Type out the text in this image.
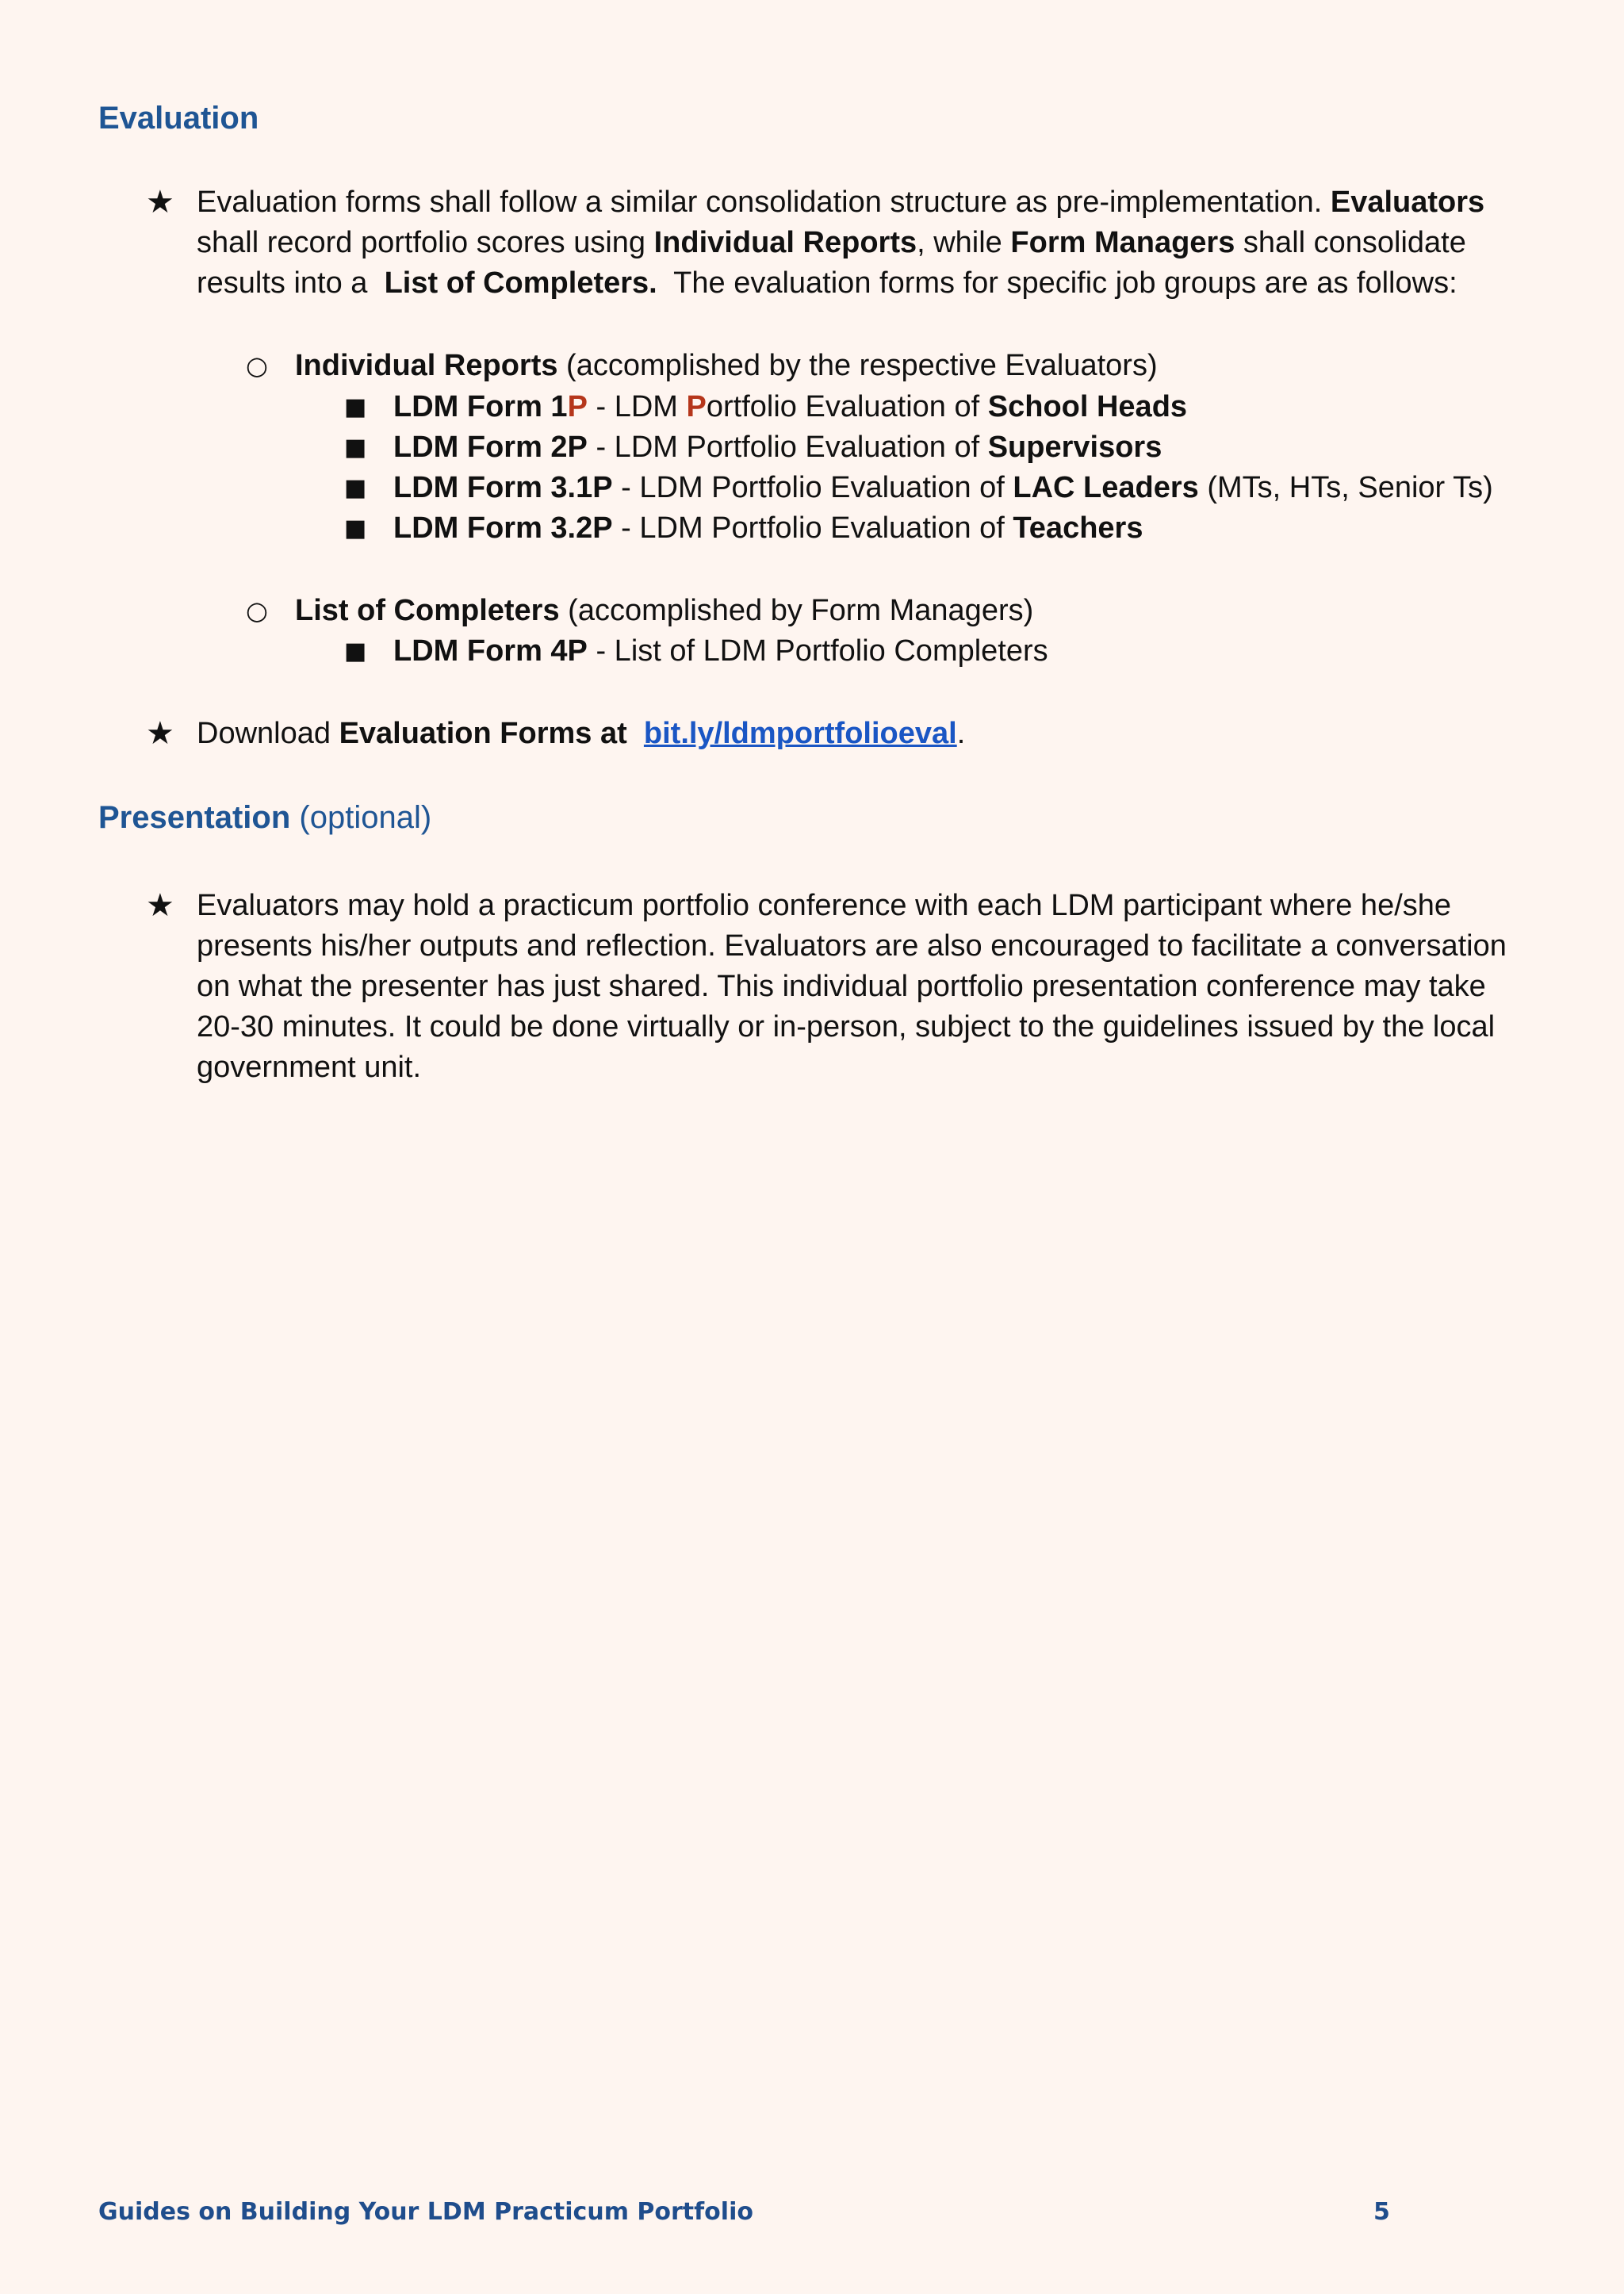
Evaluation
★ Evaluation forms shall follow a similar consolidation structure as pre-implementation. Evaluators

shall record portfolio scores using Individual Reports, while Form Managers shall consolidate

results into a List of Completers. The evaluation forms for specific job groups are as follows:

○ Individual Reports (accomplished by the respective Evaluators)

■ LDM Form 1P - LDM Portfolio Evaluation of School Heads

■ LDM Form 2P - LDM Portfolio Evaluation of Supervisors

■ LDM Form 3.1P - LDM Portfolio Evaluation of LAC Leaders (MTs, HTs, Senior Ts)

■ LDM Form 3.2P - LDM Portfolio Evaluation of Teachers

○ List of Completers (accomplished by Form Managers)

■ LDM Form 4P - List of LDM Portfolio Completers

★ Download Evaluation Forms at bit.ly/ldmportfolioeval.

Presentation (optional)
★ Evaluators may hold a practicum portfolio conference with each LDM participant where he/she

presents his/her outputs and reflection. Evaluators are also encouraged to facilitate a conversation

on what the presenter has just shared. This individual portfolio presentation conference may take

20-30 minutes. It could be done virtually or in-person, subject to the guidelines issued by the local

government unit.

Guides on Building Your LDM Practicum Portfolio	5
